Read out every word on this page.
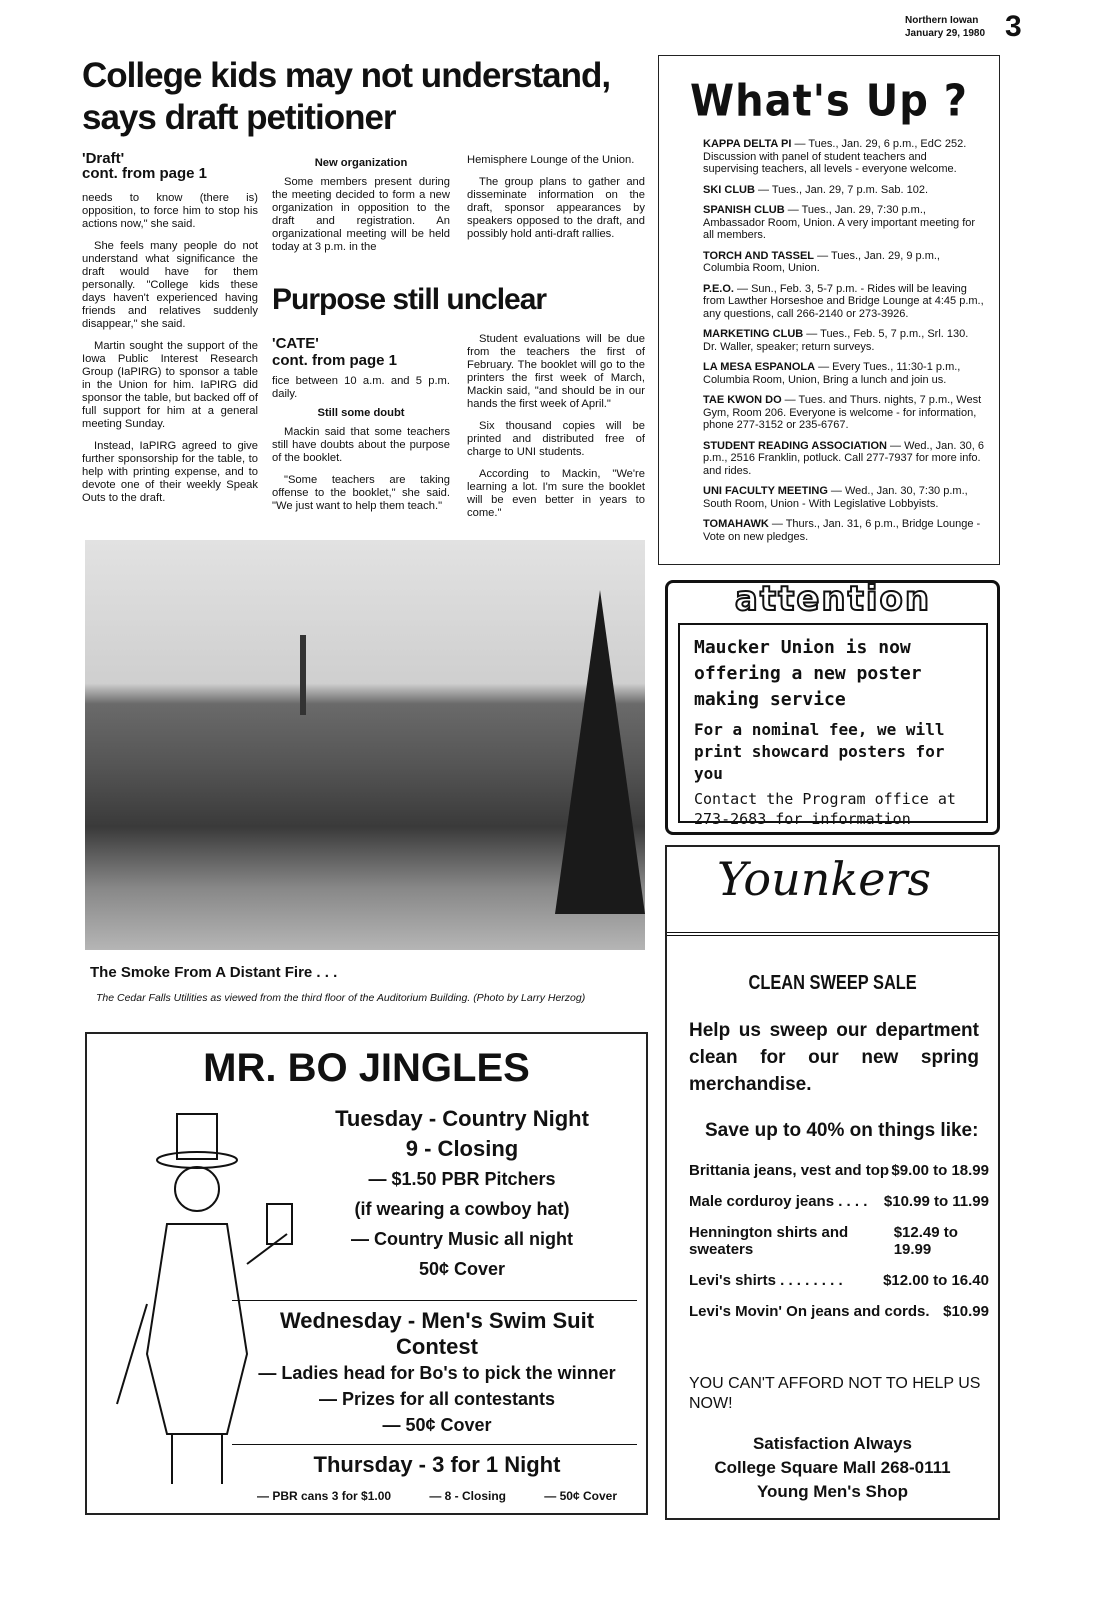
Northern Iowan
January 29, 1980 3
College kids may not understand, says draft petitioner
'Draft'
cont. from page 1

needs to know (there is) opposition, to force him to stop his actions now," she said.

She feels many people do not understand what significance the draft would have for them personally. "College kids these days haven't experienced having friends and relatives suddenly disappear," she said.

Martin sought the support of the Iowa Public Interest Research Group (IaPIRG) to sponsor a table in the Union for him. IaPIRG did sponsor the table, but backed off of full support for him at a general meeting Sunday.

Instead, IaPIRG agreed to give further sponsorship for the table, to help with printing expense, and to devote one of their weekly Speak Outs to the draft.

New organization

Some members present during the meeting decided to form a new organization in opposition to the draft and registration. An organizational meeting will be held today at 3 p.m. in the

Hemisphere Lounge of the Union.

The group plans to gather and disseminate information on the draft, sponsor appearances by speakers opposed to the draft, and possibly hold anti-draft rallies.

Purpose still unclear
'CATE'
cont. from page 1

fice between 10 a.m. and 5 p.m. daily.

Still some doubt

Mackin said that some teachers still have doubts about the purpose of the booklet.

"Some teachers are taking offense to the booklet," she said. "We just want to help them teach."

Student evaluations will be due from the teachers the first of February. The booklet will go to the printers the first week of March, Mackin said, "and should be in our hands the first week of April."

Six thousand copies will be printed and distributed free of charge to UNI students.

According to Mackin, "We're learning a lot. I'm sure the booklet will be even better in years to come."

What's Up ?

KAPPA DELTA PI — Tues., Jan. 29, 6 p.m., EdC 252. Discussion with panel of student teachers and supervising teachers, all levels - everyone welcome.

SKI CLUB — Tues., Jan. 29, 7 p.m. Sab. 102.

SPANISH CLUB — Tues., Jan. 29, 7:30 p.m., Ambassador Room, Union. A very important meeting for all members.

TORCH AND TASSEL — Tues., Jan. 29, 9 p.m., Columbia Room, Union.

P.E.O. — Sun., Feb. 3, 5-7 p.m. - Rides will be leaving from Lawther Horseshoe and Bridge Lounge at 4:45 p.m., any questions, call 266-2140 or 273-3926.

MARKETING CLUB — Tues., Feb. 5, 7 p.m., Srl. 130. Dr. Waller, speaker; return surveys.

LA MESA ESPANOLA — Every Tues., 11:30-1 p.m., Columbia Room, Union, Bring a lunch and join us.

TAE KWON DO — Tues. and Thurs. nights, 7 p.m., West Gym, Room 206. Everyone is welcome - for information, phone 277-3152 or 235-6767.

STUDENT READING ASSOCIATION — Wed., Jan. 30, 6 p.m., 2516 Franklin, potluck. Call 277-7937 for more info. and rides.

UNI FACULTY MEETING — Wed., Jan. 30, 7:30 p.m., South Room, Union - With Legislative Lobbyists.

TOMAHAWK — Thurs., Jan. 31, 6 p.m., Bridge Lounge - Vote on new pledges.

The Smoke From A Distant Fire . . .
The Cedar Falls Utilities as viewed from the third floor of the Auditorium Building. (Photo by Larry Herzog)
attention
Maucker Union is now offering a new poster making service
For a nominal fee, we will print showcard posters for you
Contact the Program office at 273-2683 for information
Younkers
CLEAN SWEEP SALE
Help us sweep our department clean for our new spring merchandise.
Save up to 40% on things like:
Brittania jeans, vest and top $9.00 to 18.99
Male corduroy jeans . . . . $10.99 to 11.99
Hennington shirts and sweaters
$12.49 to 19.99
Levi's shirts . . . . . . . .	$12.00 to 16.40
Levi's Movin' On jeans and cords. $10.99
YOU CAN'T AFFORD NOT TO HELP US NOW!
Satisfaction Always
College Square Mall 268-0111
Young Men's Shop
MR. BO JINGLES
Tuesday - Country Night
9 - Closing
— $1.50 PBR Pitchers
(if wearing a cowboy hat)
— Country Music all night
50¢ Cover
Wednesday - Men's Swim Suit Contest
— Ladies head for Bo's to pick the winner
— Prizes for all contestants
— 50¢ Cover
Thursday - 3 for 1 Night
— PBR cans 3 for $1.00	— 8 - Closing	— 50¢ Cover
